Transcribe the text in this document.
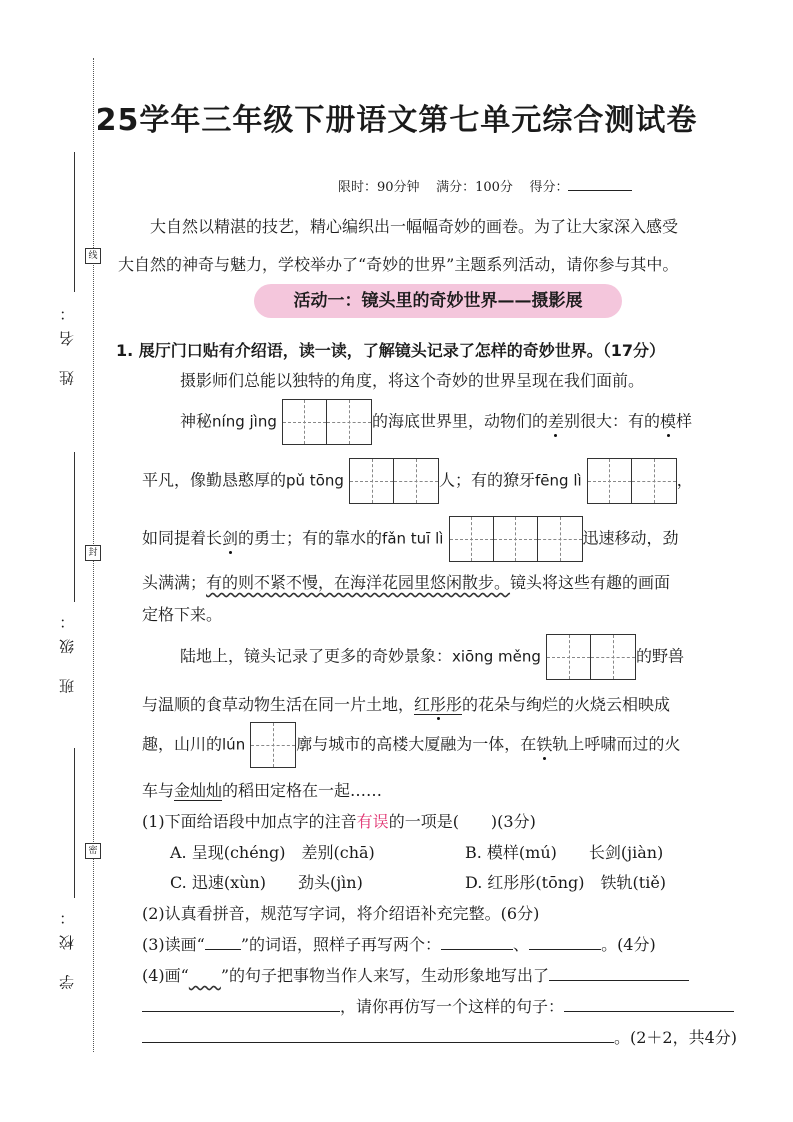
姓 名：
班 级：
学 校：
线
封
密
25学年三年级下册语文第七单元综合测试卷
限时：90分钟 满分：100分 得分：
大自然以精湛的技艺，精心编织出一幅幅奇妙的画卷。为了让大家深入感受
大自然的神奇与魅力，学校举办了“奇妙的世界”主题系列活动，请你参与其中。
活动一：镜头里的奇妙世界——摄影展
1. 展厅门口贴有介绍语，读一读，了解镜头记录了怎样的奇妙世界。（17分）
摄影师们总能以独特的角度，将这个奇妙的世界呈现在我们面前。
神秘níng jìng	的海底世界里，动物们的差别很大：有的模样
平凡，像勤恳憨厚的pǔ tōng	人；有的獠牙fēng lì	，
如同提着长剑的勇士；有的靠水的fǎn tuī lì	迅速移动，劲
头满满；有的则不紧不慢，在海洋花园里悠闲散步。镜头将这些有趣的画面
定格下来。
陆地上，镜头记录了更多的奇妙景象：xiōng měng	的野兽
与温顺的食草动物生活在同一片土地，红彤彤的花朵与绚烂的火烧云相映成
趣，山川的lún	廓与城市的高楼大厦融为一体，在铁轨上呼啸而过的火
车与金灿灿的稻田定格在一起……
(1)下面给语段中加点字的注音有误的一项是(　　)(3分)
A. 呈现(chéng)　差别(chā)	B. 模样(mú)　　长剑(jiàn)
C. 迅速(xùn)　　劲头(jìn)	D. 红彤彤(tōng)　铁轨(tiě)
(2)认真看拼音，规范写字词，将介绍语补充完整。(6分)
(3)读画“ ”的词语，照样子再写两个：	、	。(4分)
(4)画“　　 ”的句子把事物当作人来写，生动形象地写出了
，请你再仿写一个这样的句子：
。(2＋2，共4分)
